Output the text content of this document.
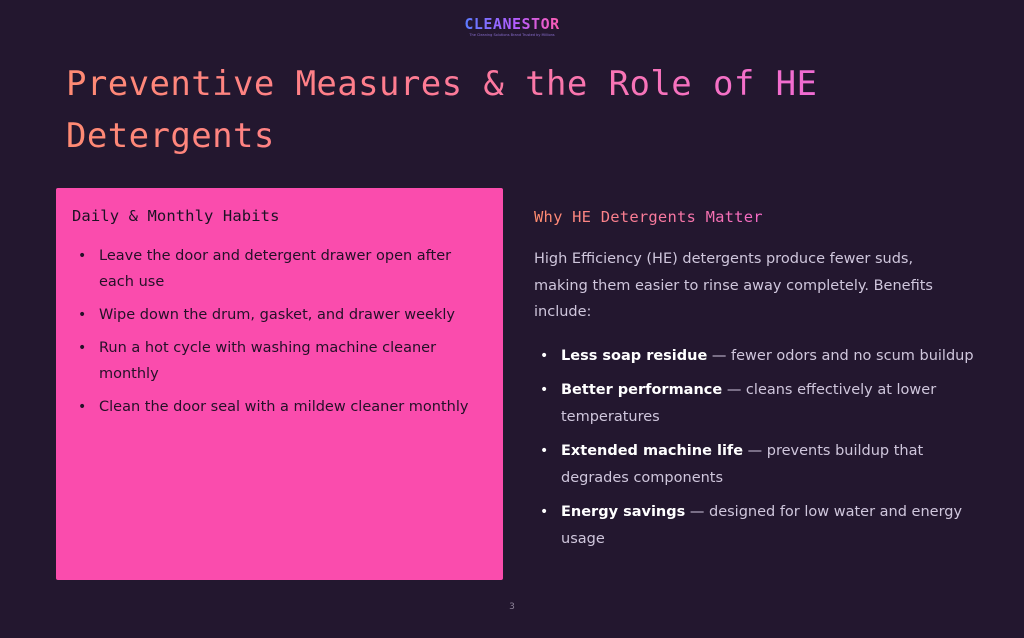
CLEANESTOR
The Cleaning Solutions Brand Trusted by Millions
Preventive Measures & the Role of HE Detergents
Daily & Monthly Habits
• Leave the door and detergent drawer open after each use
• Wipe down the drum, gasket, and drawer weekly
• Run a hot cycle with washing machine cleaner monthly
• Clean the door seal with a mildew cleaner monthly
Why HE Detergents Matter

High Efficiency (HE) detergents produce fewer suds, making them easier to rinse away completely. Benefits include:

• Less soap residue — fewer odors and no scum buildup
• Better performance — cleans effectively at lower temperatures
• Extended machine life — prevents buildup that degrades components
• Energy savings — designed for low water and energy usage
3
